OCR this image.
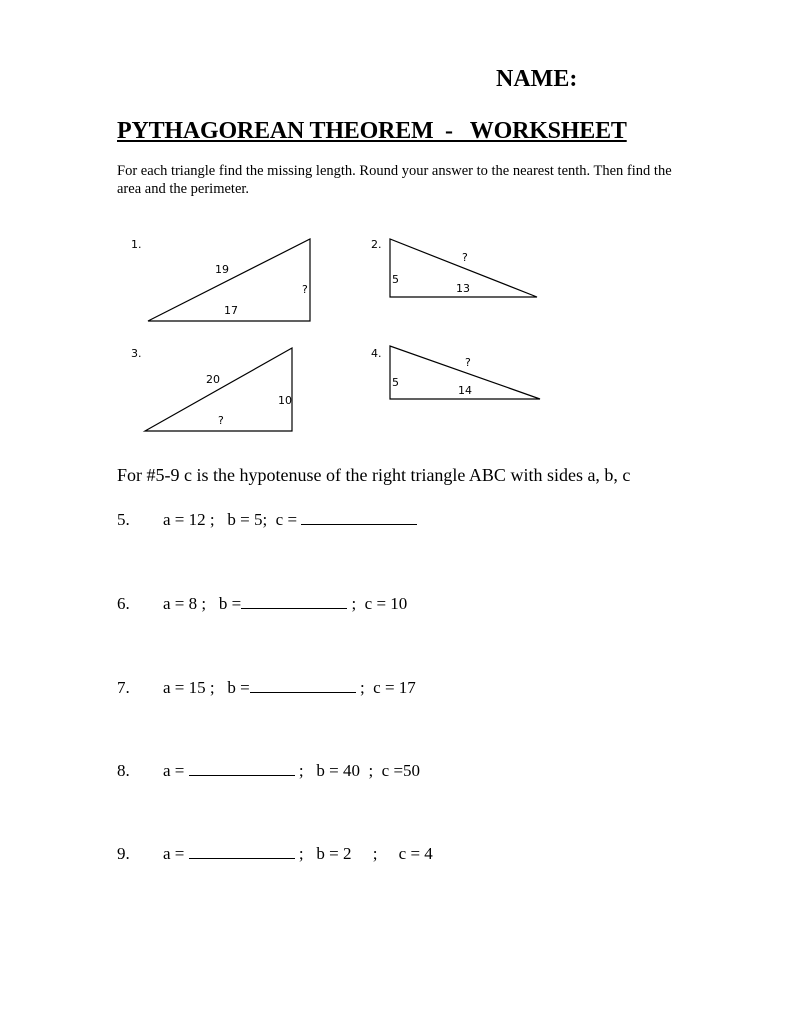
NAME:
PYTHAGOREAN THEOREM  -   WORKSHEET
For each triangle find the missing length. Round your answer to the nearest tenth. Then find the area and the perimeter.
1.
19
17
?
2.
?
13
5
3.
20
?
10
4.
?
14
5
For #5-9 c is the hypotenuse of the right triangle ABC with sides a, b, c
5. a = 12 ;   b = 5;  c =
6. a = 8 ;   b =	;  c = 10
7. a = 15 ;   b =	;  c = 17
8. a =	;   b = 40  ;  c =50
9. a =	;   b = 2     ;     c = 4
